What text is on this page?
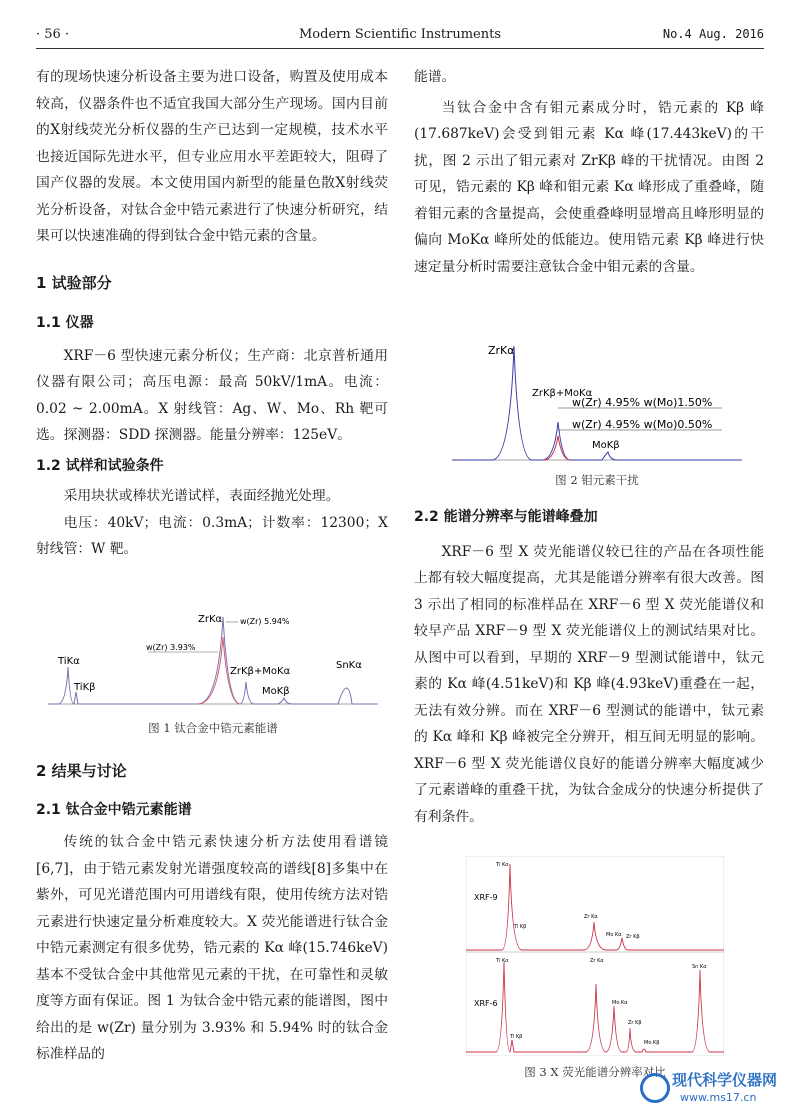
· 56 ·	Modern Scientific Instruments	No.4 Aug. 2016

有的现场快速分析设备主要为进口设备，购置及使用成本较高，仪器条件也不适宜我国大部分生产现场。国内目前的X射线荧光分析仪器的生产已达到一定规模，技术水平也接近国际先进水平，但专业应用水平差距较大，阻碍了国产仪器的发展。本文使用国内新型的能量色散X射线荧光分析设备，对钛合金中锆元素进行了快速分析研究，结果可以快速准确的得到钛合金中锆元素的含量。

1 试验部分

1.1 仪器

XRF－6 型快速元素分析仪；生产商：北京普析通用仪器有限公司；高压电源：最高 50kV/1mA。电流：0.02 ~ 2.00mA。X 射线管：Ag、W、Mo、Rh 靶可选。探测器：SDD 探测器。能量分辨率：125eV。

1.2 试样和试验条件

采用块状或棒状光谱试样，表面经抛光处理。

电压：40kV；电流：0.3mA；计数率：12300；X 射线管：W 靶。

ZrKα w(Zr) 5.94%
w(Zr) 3.93%
TiKα
TiKβ
ZrKβ+MoKα
MoKβ
SnKα
图 1 钛合金中锆元素能谱

2 结果与讨论

2.1 钛合金中锆元素能谱

传统的钛合金中锆元素快速分析方法使用看谱镜[6,7]，由于锆元素发射光谱强度较高的谱线[8]多集中在紫外，可见光谱范围内可用谱线有限，使用传统方法对锆元素进行快速定量分析难度较大。X 荧光能谱进行钛合金中锆元素测定有很多优势，锆元素的 Kα 峰(15.746keV)基本不受钛合金中其他常见元素的干扰，在可靠性和灵敏度等方面有保证。图 1 为钛合金中锆元素的能谱图，图中给出的是 w(Zr) 量分别为 3.93% 和 5.94% 时的钛合金标准样品的

能谱。

当钛合金中含有钼元素成分时，锆元素的 Kβ 峰(17.687keV)会受到钼元素 Kα 峰(17.443keV)的干扰，图 2 示出了钼元素对 ZrKβ 峰的干扰情况。由图 2 可见，锆元素的 Kβ 峰和钼元素 Kα 峰形成了重叠峰，随着钼元素的含量提高，会使重叠峰明显增高且峰形明显的偏向 MoKα 峰所处的低能边。使用锆元素 Kβ 峰进行快速定量分析时需要注意钛合金中钼元素的含量。

ZrKα
ZrKβ+MoKα
w(Zr) 4.95% w(Mo)1.50%
w(Zr) 4.95% w(Mo)0.50%
MoKβ
图 2 钼元素干扰

2.2 能谱分辨率与能谱峰叠加

XRF－6 型 X 荧光能谱仪较已往的产品在各项性能上都有较大幅度提高，尤其是能谱分辨率有很大改善。图 3 示出了相同的标准样品在 XRF－6 型 X 荧光能谱仪和较早产品 XRF－9 型 X 荧光能谱仪上的测试结果对比。从图中可以看到，早期的 XRF－9 型测试能谱中，钛元素的 Kα 峰(4.51keV)和 Kβ 峰(4.93keV)重叠在一起，无法有效分辨。而在 XRF－6 型测试的能谱中，钛元素的 Kα 峰和 Kβ 峰被完全分辨开，相互间无明显的影响。XRF－6 型 X 荧光能谱仪良好的能谱分辨率大幅度减少了元素谱峰的重叠干扰，为钛合金成分的快速分析提供了有利条件。

XRF-9
XRF-6
Ti Kα
Ti Kβ
Zr Kα
Mo Kα Zr Kβ
Ti Kα
Ti Kβ
Zr Kα
Mo Kα
Zr Kβ
Mo Kβ
Sn Kα
图 3 X 荧光能谱分辨率对比 现代科学仪器网
www.ms17.cn
